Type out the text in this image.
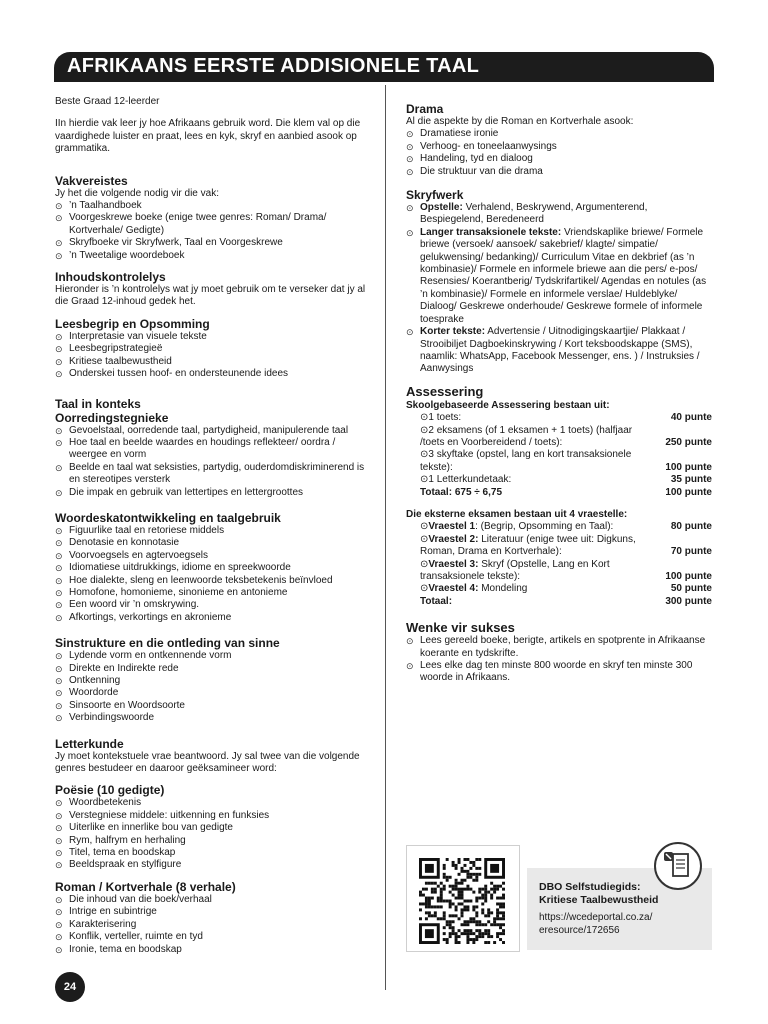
AFRIKAANS EERSTE ADDISIONELE TAAL

Beste Graad 12-leerder

IIn hierdie vak leer jy hoe Afrikaans gebruik word. Die klem val op die vaardighede luister en praat, lees en kyk, skryf en aanbied asook op grammatika.

Vakvereistes
Jy het die volgende nodig vir die vak:
⊙ ’n Taalhandboek
⊙ Voorgeskrewe boeke (enige twee genres: Roman/ Drama/ Kortverhale/ Gedigte)
⊙ Skryfboeke vir Skryfwerk, Taal en Voorgeskrewe
⊙ ’n Tweetalige woordeboek
Inhoudskontrolelys
Hieronder is ’n kontrolelys wat jy moet gebruik om te verseker dat jy al die Graad 12-inhoud gedek het.
Leesbegrip en Opsomming
⊙ Interpretasie van visuele tekste
⊙ Leesbegripstrategieë
⊙ Kritiese taalbewustheid
⊙ Onderskei tussen hoof- en ondersteunende idees
Taal in konteks
Oorredingstegnieke
⊙ Gevoelstaal, oorredende taal, partydigheid, manipulerende taal
⊙ Hoe taal en beelde waardes en houdings reflekteer/ oordra / weergee en vorm
⊙ Beelde en taal wat seksisties, partydig, ouderdomdiskriminerend is en stereotipes versterk
⊙ Die impak en gebruik van lettertipes en lettergroottes
Woordeskatontwikkeling en taalgebruik
⊙ Figuurlike taal en retoriese middels
⊙ Denotasie en konnotasie
⊙ Voorvoegsels en agtervoegsels
⊙ Idiomatiese uitdrukkings, idiome en spreekwoorde
⊙ Hoe dialekte, sleng en leenwoorde teksbetekenis beïnvloed
⊙ Homofone, homonieme, sinonieme en antonieme
⊙ Een woord vir ’n omskrywing.
⊙ Afkortings, verkortings en akronieme
Sinstrukture en die ontleding van sinne
⊙ Lydende vorm en ontkennende vorm
⊙ Direkte en Indirekte rede
⊙ Ontkenning
⊙ Woordorde
⊙ Sinsoorte en Woordsoorte
⊙ Verbindingswoorde
Letterkunde
Jy moet kontekstuele vrae beantwoord. Jy sal twee van die volgende genres bestudeer en daaroor geëksamineer word:
Poësie (10 gedigte)
⊙ Woordbetekenis
⊙ Verstegniese middele: uitkenning en funksies
⊙ Uiterlike en innerlike bou van gedigte
⊙ Rym, halfrym en herhaling
⊙ Titel, tema en boodskap
⊙ Beeldspraak en stylfigure
Roman / Kortverhale (8 verhale)
⊙ Die inhoud van die boek/verhaal
⊙ Intrige en subintrige
⊙ Karakterisering
⊙ Konflik, verteller, ruimte en tyd
⊙ Ironie, tema en boodskap
Drama
Al die aspekte by die Roman en Kortverhale asook:
⊙ Dramatiese ironie
⊙ Verhoog- en toneelaanwysings
⊙ Handeling, tyd en dialoog
⊙ Die struktuur van die drama
Skryfwerk
⊙ Opstelle: Verhalend, Beskrywend, Argumenterend, Bespiegelend, Beredeneerd
⊙ Langer transaksionele tekste: Vriendskaplike briewe/ Formele briewe (versoek/ aansoek/ sakebrief/ klagte/ simpatie/ gelukwensing/ bedanking)/ Curriculum Vitae en dekbrief (as ’n kombinasie)/ Formele en informele briewe aan die pers/ e-pos/ Resensies/ Koerantberig/ Tydskrifartikel/ Agendas en notules (as ’n kombinasie)/ Formele en informele verslae/ Huldeblyke/ Dialoog/ Geskrewe onderhoude/ Geskrewe formele of informele toesprake
⊙ Korter tekste: Advertensie / Uitnodigingskaartjie/ Plakkaat / Strooibiljet Dagboekinskrywing / Kort teksboodskappe (SMS), naamlik: WhatsApp, Facebook Messenger, ens. ) / Instruksies / Aanwysings
Assessering
Skoolgebaseerde Assessering bestaan uit:
⊙1 toets:	40 punte
⊙2 eksamens (of 1 eksamen + 1 toets) (halfjaar /toets en Voorbereidend / toets):	250 punte
⊙3 skyftake (opstel, lang en kort transaksionele tekste):	100 punte
⊙1 Letterkundetaak:	35 punte
Totaal: 675 ÷ 6,75	100 punte
Die eksterne eksamen bestaan uit 4 vraestelle:
⊙Vraestel 1: (Begrip, Opsomming en Taal):	80 punte
⊙Vraestel 2: Literatuur (enige twee uit: Digkuns, Roman, Drama en Kortverhale):	70 punte
⊙Vraestel 3: Skryf (Opstelle, Lang en Kort transaksionele tekste):	100 punte
⊙Vraestel 4: Mondeling	50 punte
Totaal:	300 punte
Wenke vir sukses
⊙ Lees gereeld boeke, berigte, artikels en spotprente in Afrikaanse koerante en tydskrifte.
⊙ Lees elke dag ten minste 800 woorde en skryf ten minste 300 woorde in Afrikaans.
DBO Selfstudiegids:
Kritiese Taalbewustheid
https://wcedeportal.co.za/
eresource/172656
24
